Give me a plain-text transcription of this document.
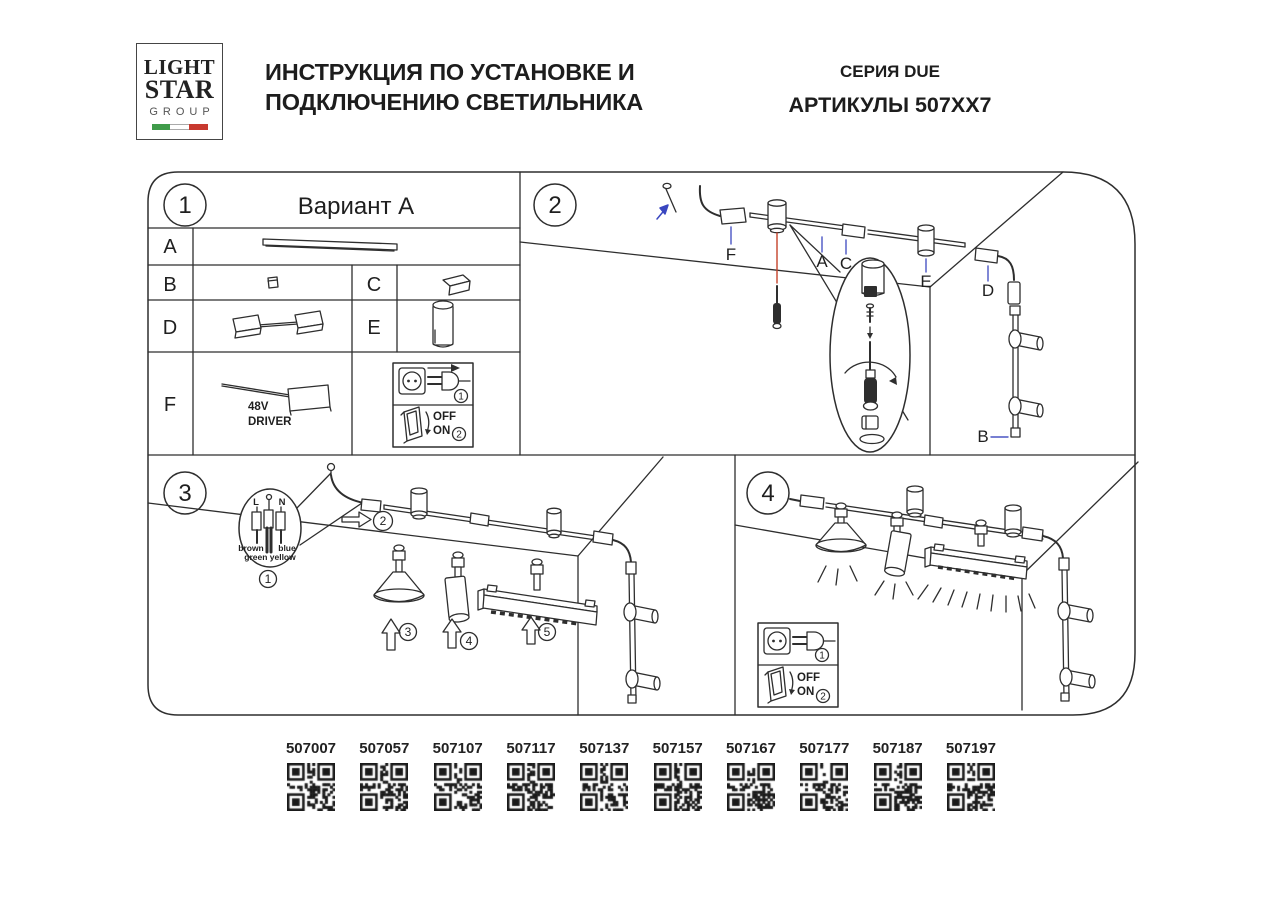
LIGHT
STAR
GROUP
ИНСТРУКЦИЯ ПО УСТАНОВКЕ И
ПОДКЛЮЧЕНИЮ СВЕТИЛЬНИКА
СЕРИЯ DUE
АРТИКУЛЫ 507XX7
1	Вариант А
A
B	C
D	E
F	48V
DRIVER
1
OFF
ON 2
2
F	A C
E	D
B
3	L N
brown blue
green yellow
1
2
3
4
5
4
1
OFF
ON 2
507007	507057	507107	507117	507137	507157	507167	507177	507187	507197
